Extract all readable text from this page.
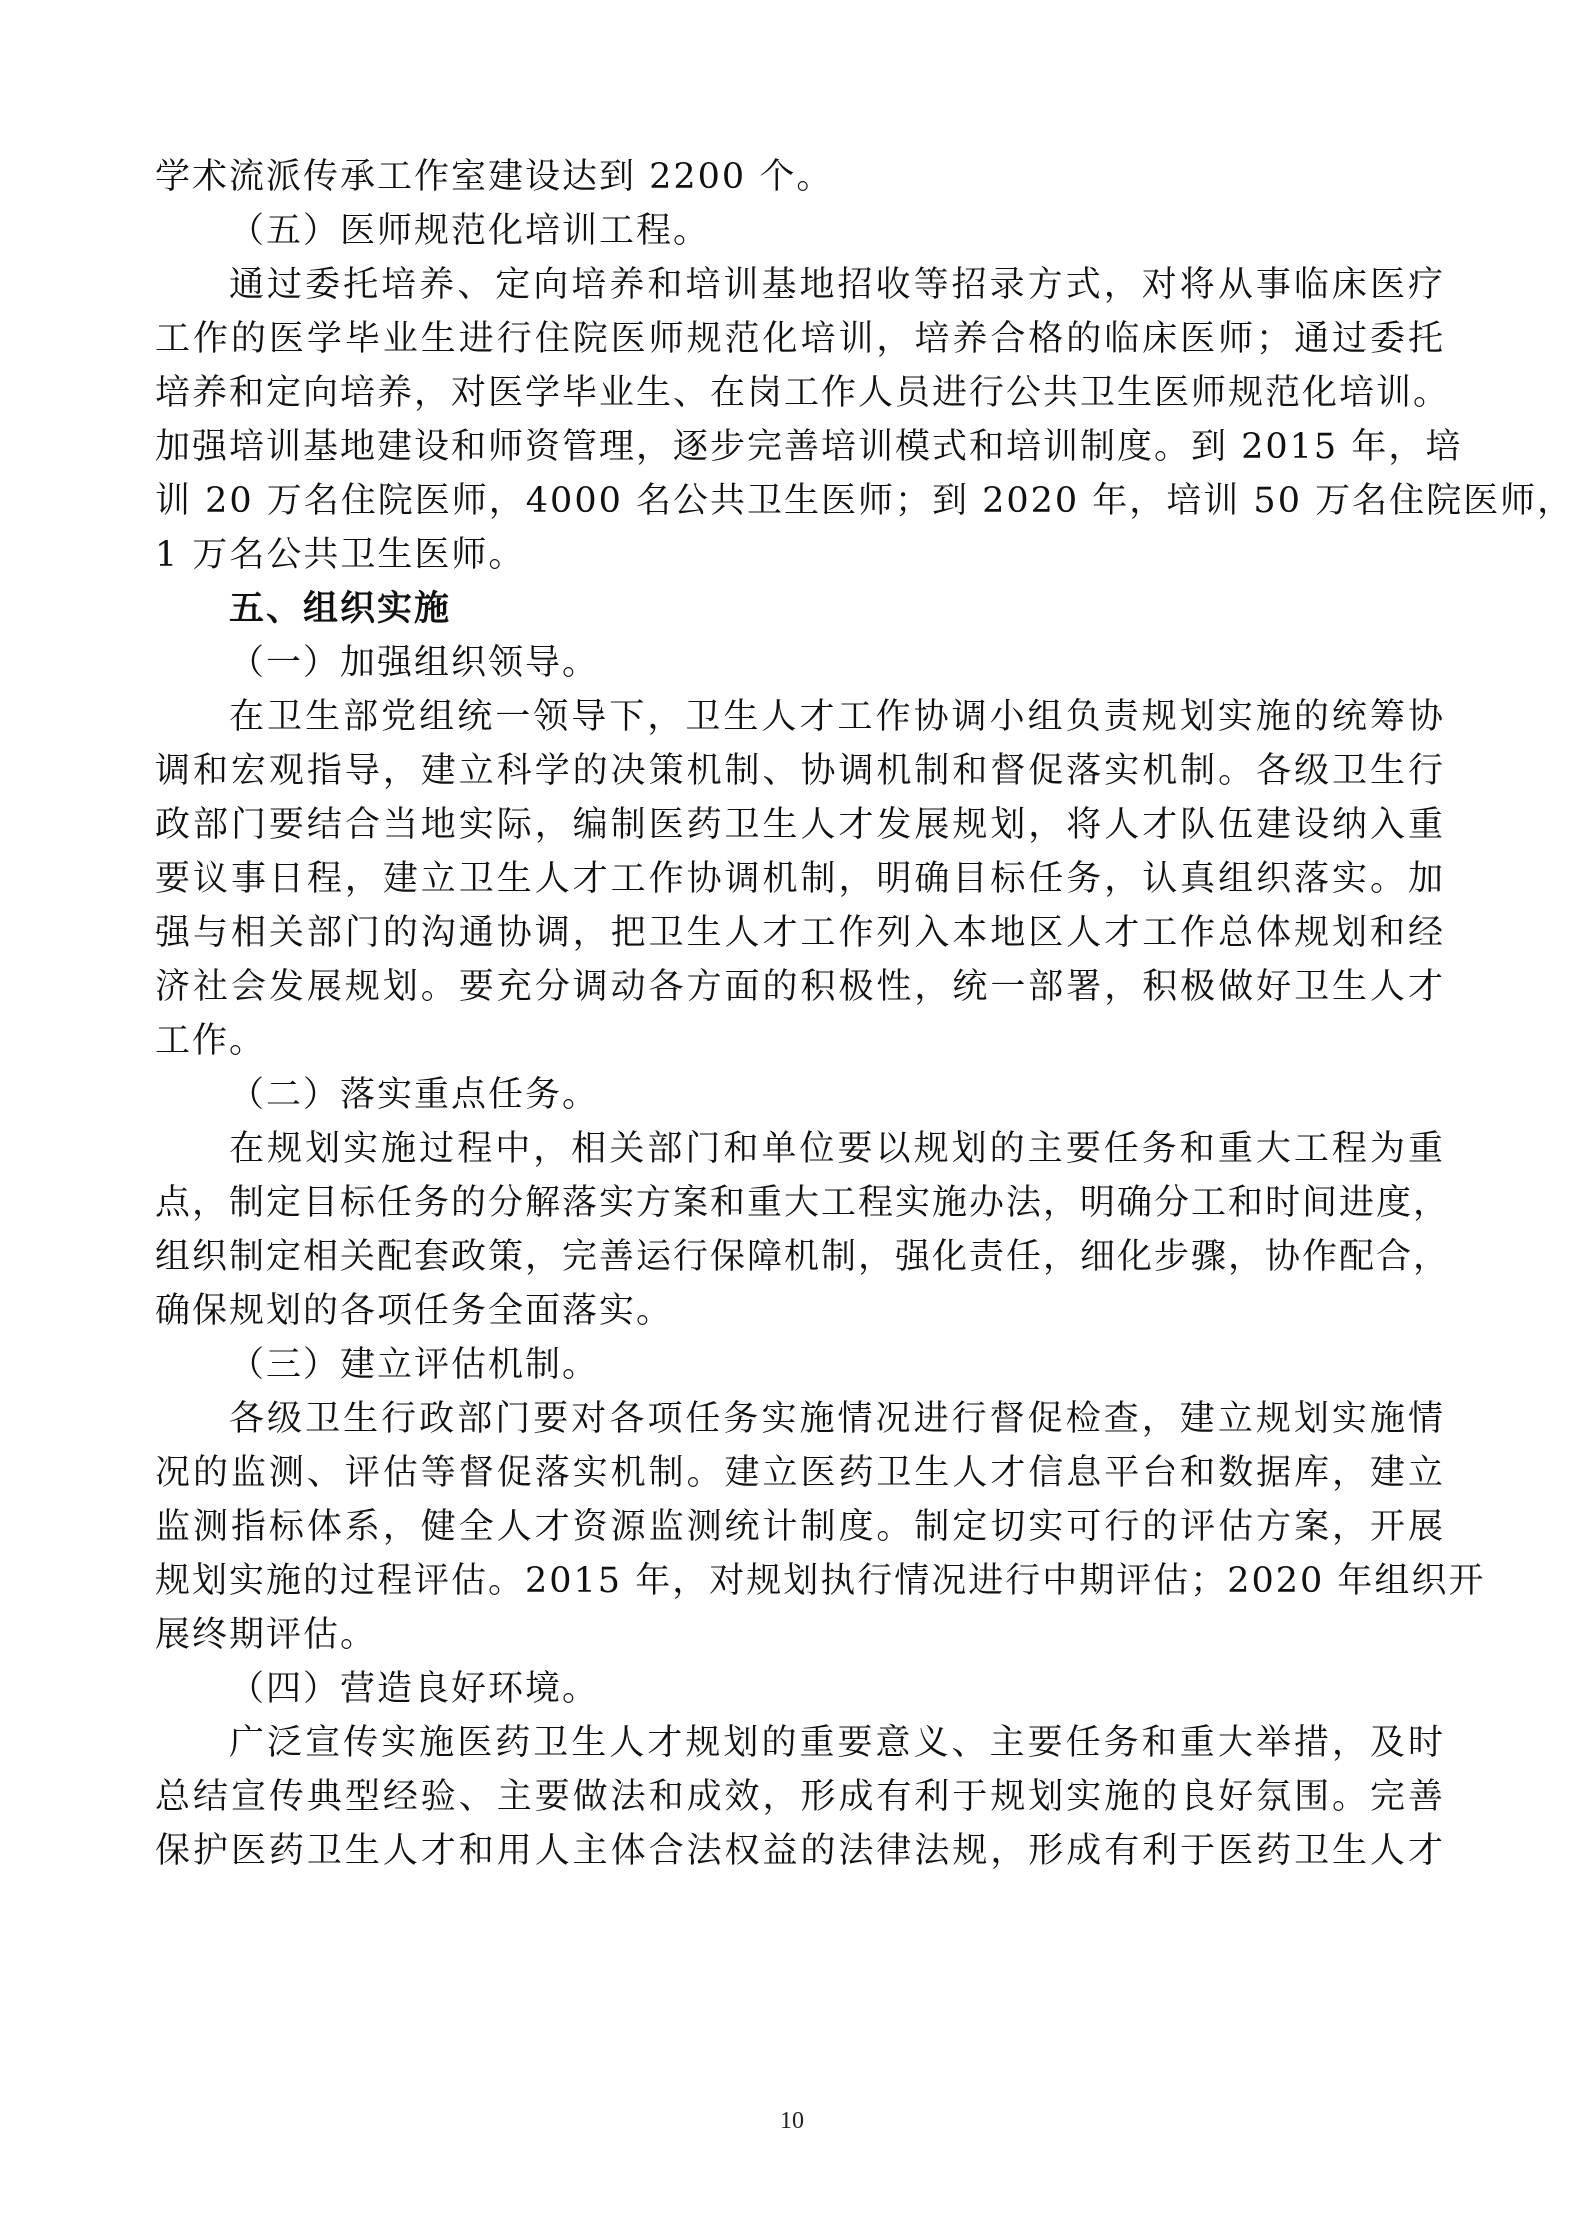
学术流派传承工作室建设达到 2200 个。
（五）医师规范化培训工程。
通过委托培养、定向培养和培训基地招收等招录方式，对将从事临床医疗
工作的医学毕业生进行住院医师规范化培训，培养合格的临床医师；通过委托
培养和定向培养，对医学毕业生、在岗工作人员进行公共卫生医师规范化培训。
加强培训基地建设和师资管理，逐步完善培训模式和培训制度。到 2015 年，培
训 20 万名住院医师，4000 名公共卫生医师；到 2020 年，培训 50 万名住院医师，
1 万名公共卫生医师。
五、组织实施
（一）加强组织领导。
在卫生部党组统一领导下，卫生人才工作协调小组负责规划实施的统筹协
调和宏观指导，建立科学的决策机制、协调机制和督促落实机制。各级卫生行
政部门要结合当地实际，编制医药卫生人才发展规划，将人才队伍建设纳入重
要议事日程，建立卫生人才工作协调机制，明确目标任务，认真组织落实。加
强与相关部门的沟通协调，把卫生人才工作列入本地区人才工作总体规划和经
济社会发展规划。要充分调动各方面的积极性，统一部署，积极做好卫生人才
工作。
（二）落实重点任务。
在规划实施过程中，相关部门和单位要以规划的主要任务和重大工程为重
点，制定目标任务的分解落实方案和重大工程实施办法，明确分工和时间进度，
组织制定相关配套政策，完善运行保障机制，强化责任，细化步骤，协作配合，
确保规划的各项任务全面落实。
（三）建立评估机制。
各级卫生行政部门要对各项任务实施情况进行督促检查，建立规划实施情
况的监测、评估等督促落实机制。建立医药卫生人才信息平台和数据库，建立
监测指标体系，健全人才资源监测统计制度。制定切实可行的评估方案，开展
规划实施的过程评估。2015 年，对规划执行情况进行中期评估；2020 年组织开
展终期评估。
（四）营造良好环境。
广泛宣传实施医药卫生人才规划的重要意义、主要任务和重大举措，及时
总结宣传典型经验、主要做法和成效，形成有利于规划实施的良好氛围。完善
保护医药卫生人才和用人主体合法权益的法律法规，形成有利于医药卫生人才
10
